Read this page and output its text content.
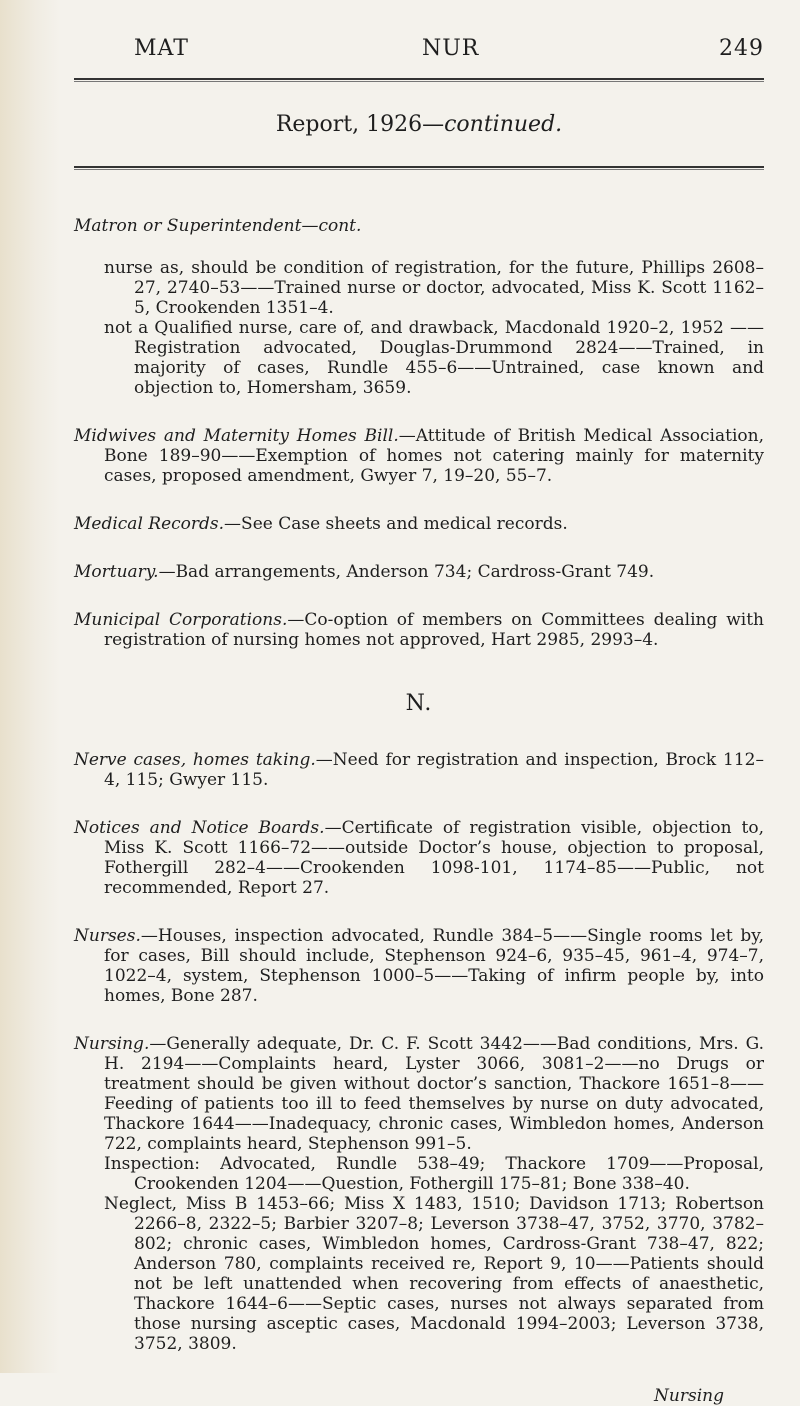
MAT	NUR	249
Report, 1926—continued.

Matron or Superintendent—cont.

nurse as, should be condition of registration, for the future, Phillips 2608–27, 2740–53——Trained nurse or doctor, advocated, Miss K. Scott 1162–5, Crookenden 1351–4.

not a Qualified nurse, care of, and drawback, Macdonald 1920–2, 1952 ——Registration advocated, Douglas-Drummond 2824——Trained, in majority of cases, Rundle 455–6——Untrained, case known and objection to, Homersham, 3659.

Midwives and Maternity Homes Bill.—Attitude of British Medical Association, Bone 189–90——Exemption of homes not catering mainly for maternity cases, proposed amendment, Gwyer 7, 19–20, 55–7.

Medical Records.—See Case sheets and medical records.

Mortuary.—Bad arrangements, Anderson 734; Cardross-Grant 749.

Municipal Corporations.—Co-option of members on Committees dealing with registration of nursing homes not approved, Hart 2985, 2993–4.

N.

Nerve cases, homes taking.—Need for registration and inspection, Brock 112–4, 115; Gwyer 115.

Notices and Notice Boards.—Certificate of registration visible, objection to, Miss K. Scott 1166–72——outside Doctor’s house, objection to proposal, Fothergill 282–4——Crookenden 1098-101, 1174–85——Public, not recommended, Report 27.

Nurses.—Houses, inspection advocated, Rundle 384–5——Single rooms let by, for cases, Bill should include, Stephenson 924–6, 935–45, 961–4, 974–7, 1022–4, system, Stephenson 1000–5——Taking of infirm people by, into homes, Bone 287.

Nursing.—Generally adequate, Dr. C. F. Scott 3442——Bad conditions, Mrs. G. H. 2194——Complaints heard, Lyster 3066, 3081–2——no Drugs or treatment should be given without doctor’s sanction, Thackore 1651–8——Feeding of patients too ill to feed themselves by nurse on duty advocated, Thackore 1644——Inadequacy, chronic cases, Wimbledon homes, Anderson 722, complaints heard, Stephenson 991–5.

Inspection: Advocated, Rundle 538–49; Thackore 1709——Proposal, Crookenden 1204——Question, Fothergill 175–81; Bone 338–40.

Neglect, Miss B 1453–66; Miss X 1483, 1510; Davidson 1713; Robertson 2266–8, 2322–5; Barbier 3207–8; Leverson 3738–47, 3752, 3770, 3782–802; chronic cases, Wimbledon homes, Cardross-Grant 738–47, 822; Anderson 780, complaints received re, Report 9, 10——Patients should not be left unattended when recovering from effects of anaesthetic, Thackore 1644–6——Septic cases, nurses not always separated from those nursing asceptic cases, Macdonald 1994–2003; Leverson 3738, 3752, 3809.

Nursing
